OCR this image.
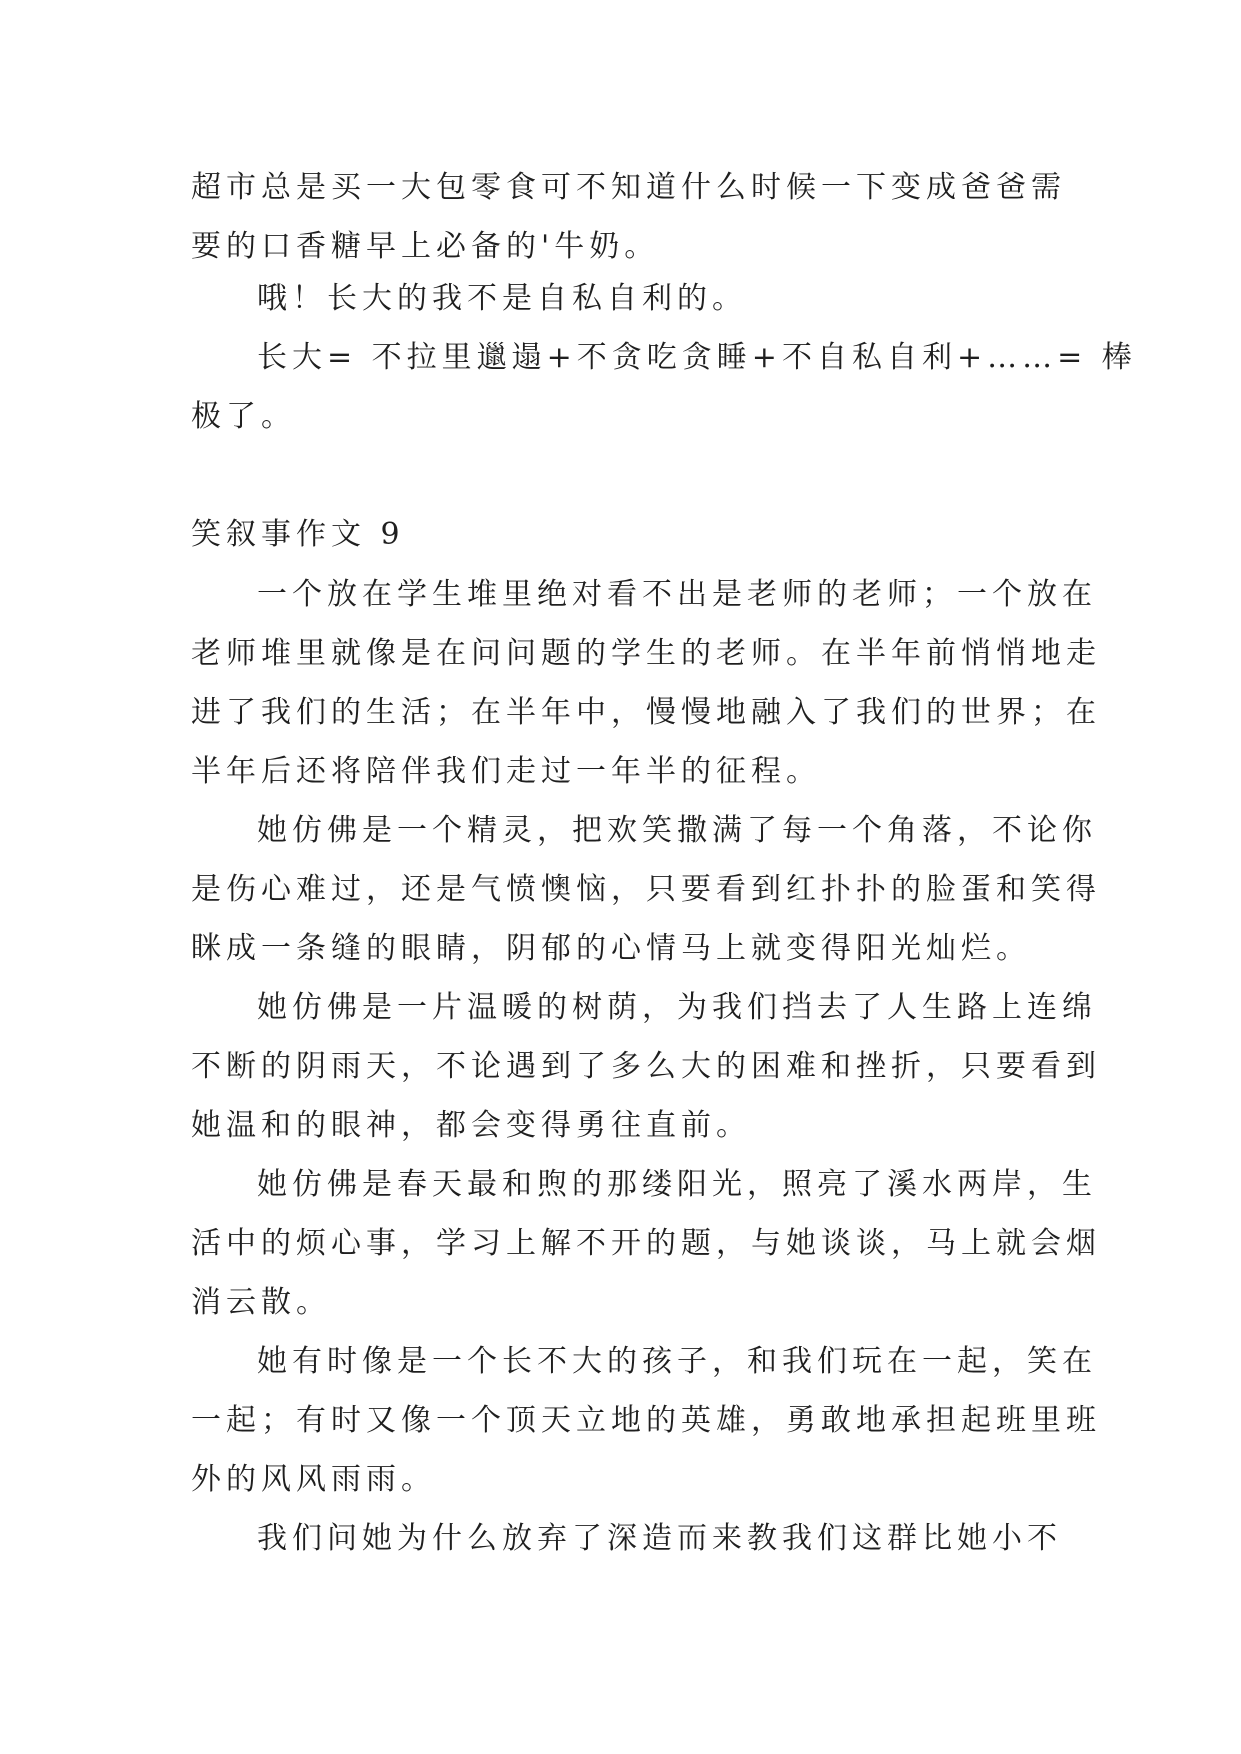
超市总是买一大包零食可不知道什么时候一下变成爸爸需
要的口香糖早上必备的'牛奶。
哦！长大的我不是自私自利的。
长大= 不拉里邋遢+不贪吃贪睡+不自私自利+……= 棒
极了。
笑叙事作文 9
一个放在学生堆里绝对看不出是老师的老师；一个放在
老师堆里就像是在问问题的学生的老师。在半年前悄悄地走
进了我们的生活；在半年中，慢慢地融入了我们的世界；在
半年后还将陪伴我们走过一年半的征程。
她仿佛是一个精灵，把欢笑撒满了每一个角落，不论你
是伤心难过，还是气愤懊恼，只要看到红扑扑的脸蛋和笑得
眯成一条缝的眼睛，阴郁的心情马上就变得阳光灿烂。
她仿佛是一片温暖的树荫，为我们挡去了人生路上连绵
不断的阴雨天，不论遇到了多么大的困难和挫折，只要看到
她温和的眼神，都会变得勇往直前。
她仿佛是春天最和煦的那缕阳光，照亮了溪水两岸，生
活中的烦心事，学习上解不开的题，与她谈谈，马上就会烟
消云散。
她有时像是一个长不大的孩子，和我们玩在一起，笑在
一起；有时又像一个顶天立地的英雄，勇敢地承担起班里班
外的风风雨雨。
我们问她为什么放弃了深造而来教我们这群比她小不
